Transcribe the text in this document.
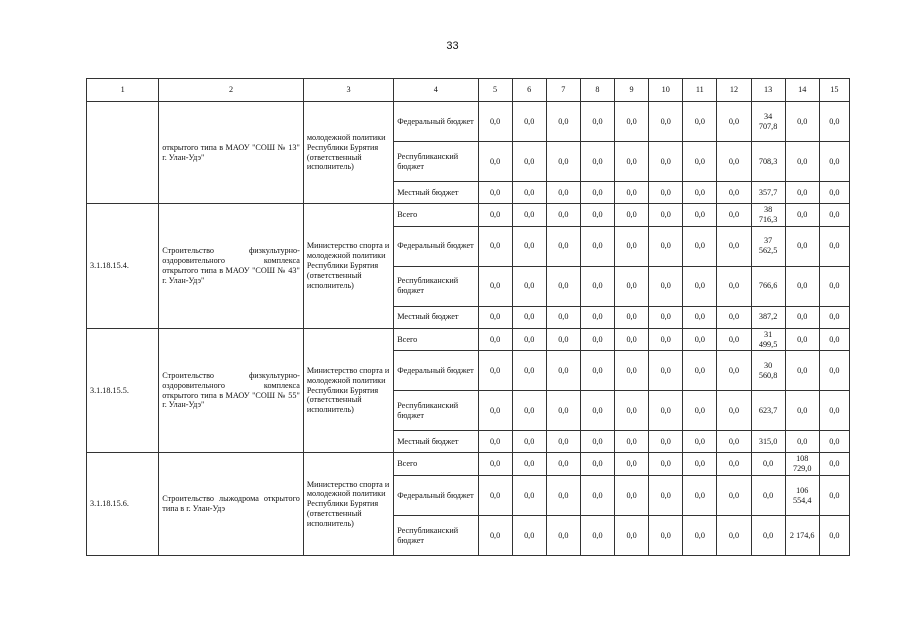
33
1	2	3	4	5	6	7	8	9	10	11	12	13	14	15
	открытого типа в МАОУ "СОШ № 13" г. Улан-Удэ"	молодежной политики Республики Бурятия (ответственный исполнитель)	Федеральный бюджет	0,0	0,0	0,0	0,0	0,0	0,0	0,0	0,0	34 707,8	0,0	0,0
			Республиканский бюджет	0,0	0,0	0,0	0,0	0,0	0,0	0,0	0,0	708,3	0,0	0,0
			Местный бюджет	0,0	0,0	0,0	0,0	0,0	0,0	0,0	0,0	357,7	0,0	0,0
3.1.18.15.4.	Строительство физкультурно-оздоровительного комплекса открытого типа в МАОУ "СОШ № 43" г. Улан-Удэ"	Министерство спорта и молодежной политики Республики Бурятия (ответственный исполнитель)	Всего	0,0	0,0	0,0	0,0	0,0	0,0	0,0	0,0	38 716,3	0,0	0,0
			Федеральный бюджет	0,0	0,0	0,0	0,0	0,0	0,0	0,0	0,0	37 562,5	0,0	0,0
			Республиканский бюджет	0,0	0,0	0,0	0,0	0,0	0,0	0,0	0,0	766,6	0,0	0,0
			Местный бюджет	0,0	0,0	0,0	0,0	0,0	0,0	0,0	0,0	387,2	0,0	0,0
3.1.18.15.5.	Строительство физкультурно-оздоровительного комплекса открытого типа в МАОУ "СОШ № 55" г. Улан-Удэ"	Министерство спорта и молодежной политики Республики Бурятия (ответственный исполнитель)	Всего	0,0	0,0	0,0	0,0	0,0	0,0	0,0	0,0	31 499,5	0,0	0,0
			Федеральный бюджет	0,0	0,0	0,0	0,0	0,0	0,0	0,0	0,0	30 560,8	0,0	0,0
			Республиканский бюджет	0,0	0,0	0,0	0,0	0,0	0,0	0,0	0,0	623,7	0,0	0,0
			Местный бюджет	0,0	0,0	0,0	0,0	0,0	0,0	0,0	0,0	315,0	0,0	0,0
3.1.18.15.6.	Строительство лыжодрома открытого типа в г. Улан-Удэ	Министерство спорта и молодежной политики Республики Бурятия (ответственный исполнитель)	Всего	0,0	0,0	0,0	0,0	0,0	0,0	0,0	0,0	0,0	108 729,0	0,0
			Федеральный бюджет	0,0	0,0	0,0	0,0	0,0	0,0	0,0	0,0	0,0	106 554,4	0,0
			Республиканский бюджет	0,0	0,0	0,0	0,0	0,0	0,0	0,0	0,0	0,0	2 174,6	0,0
